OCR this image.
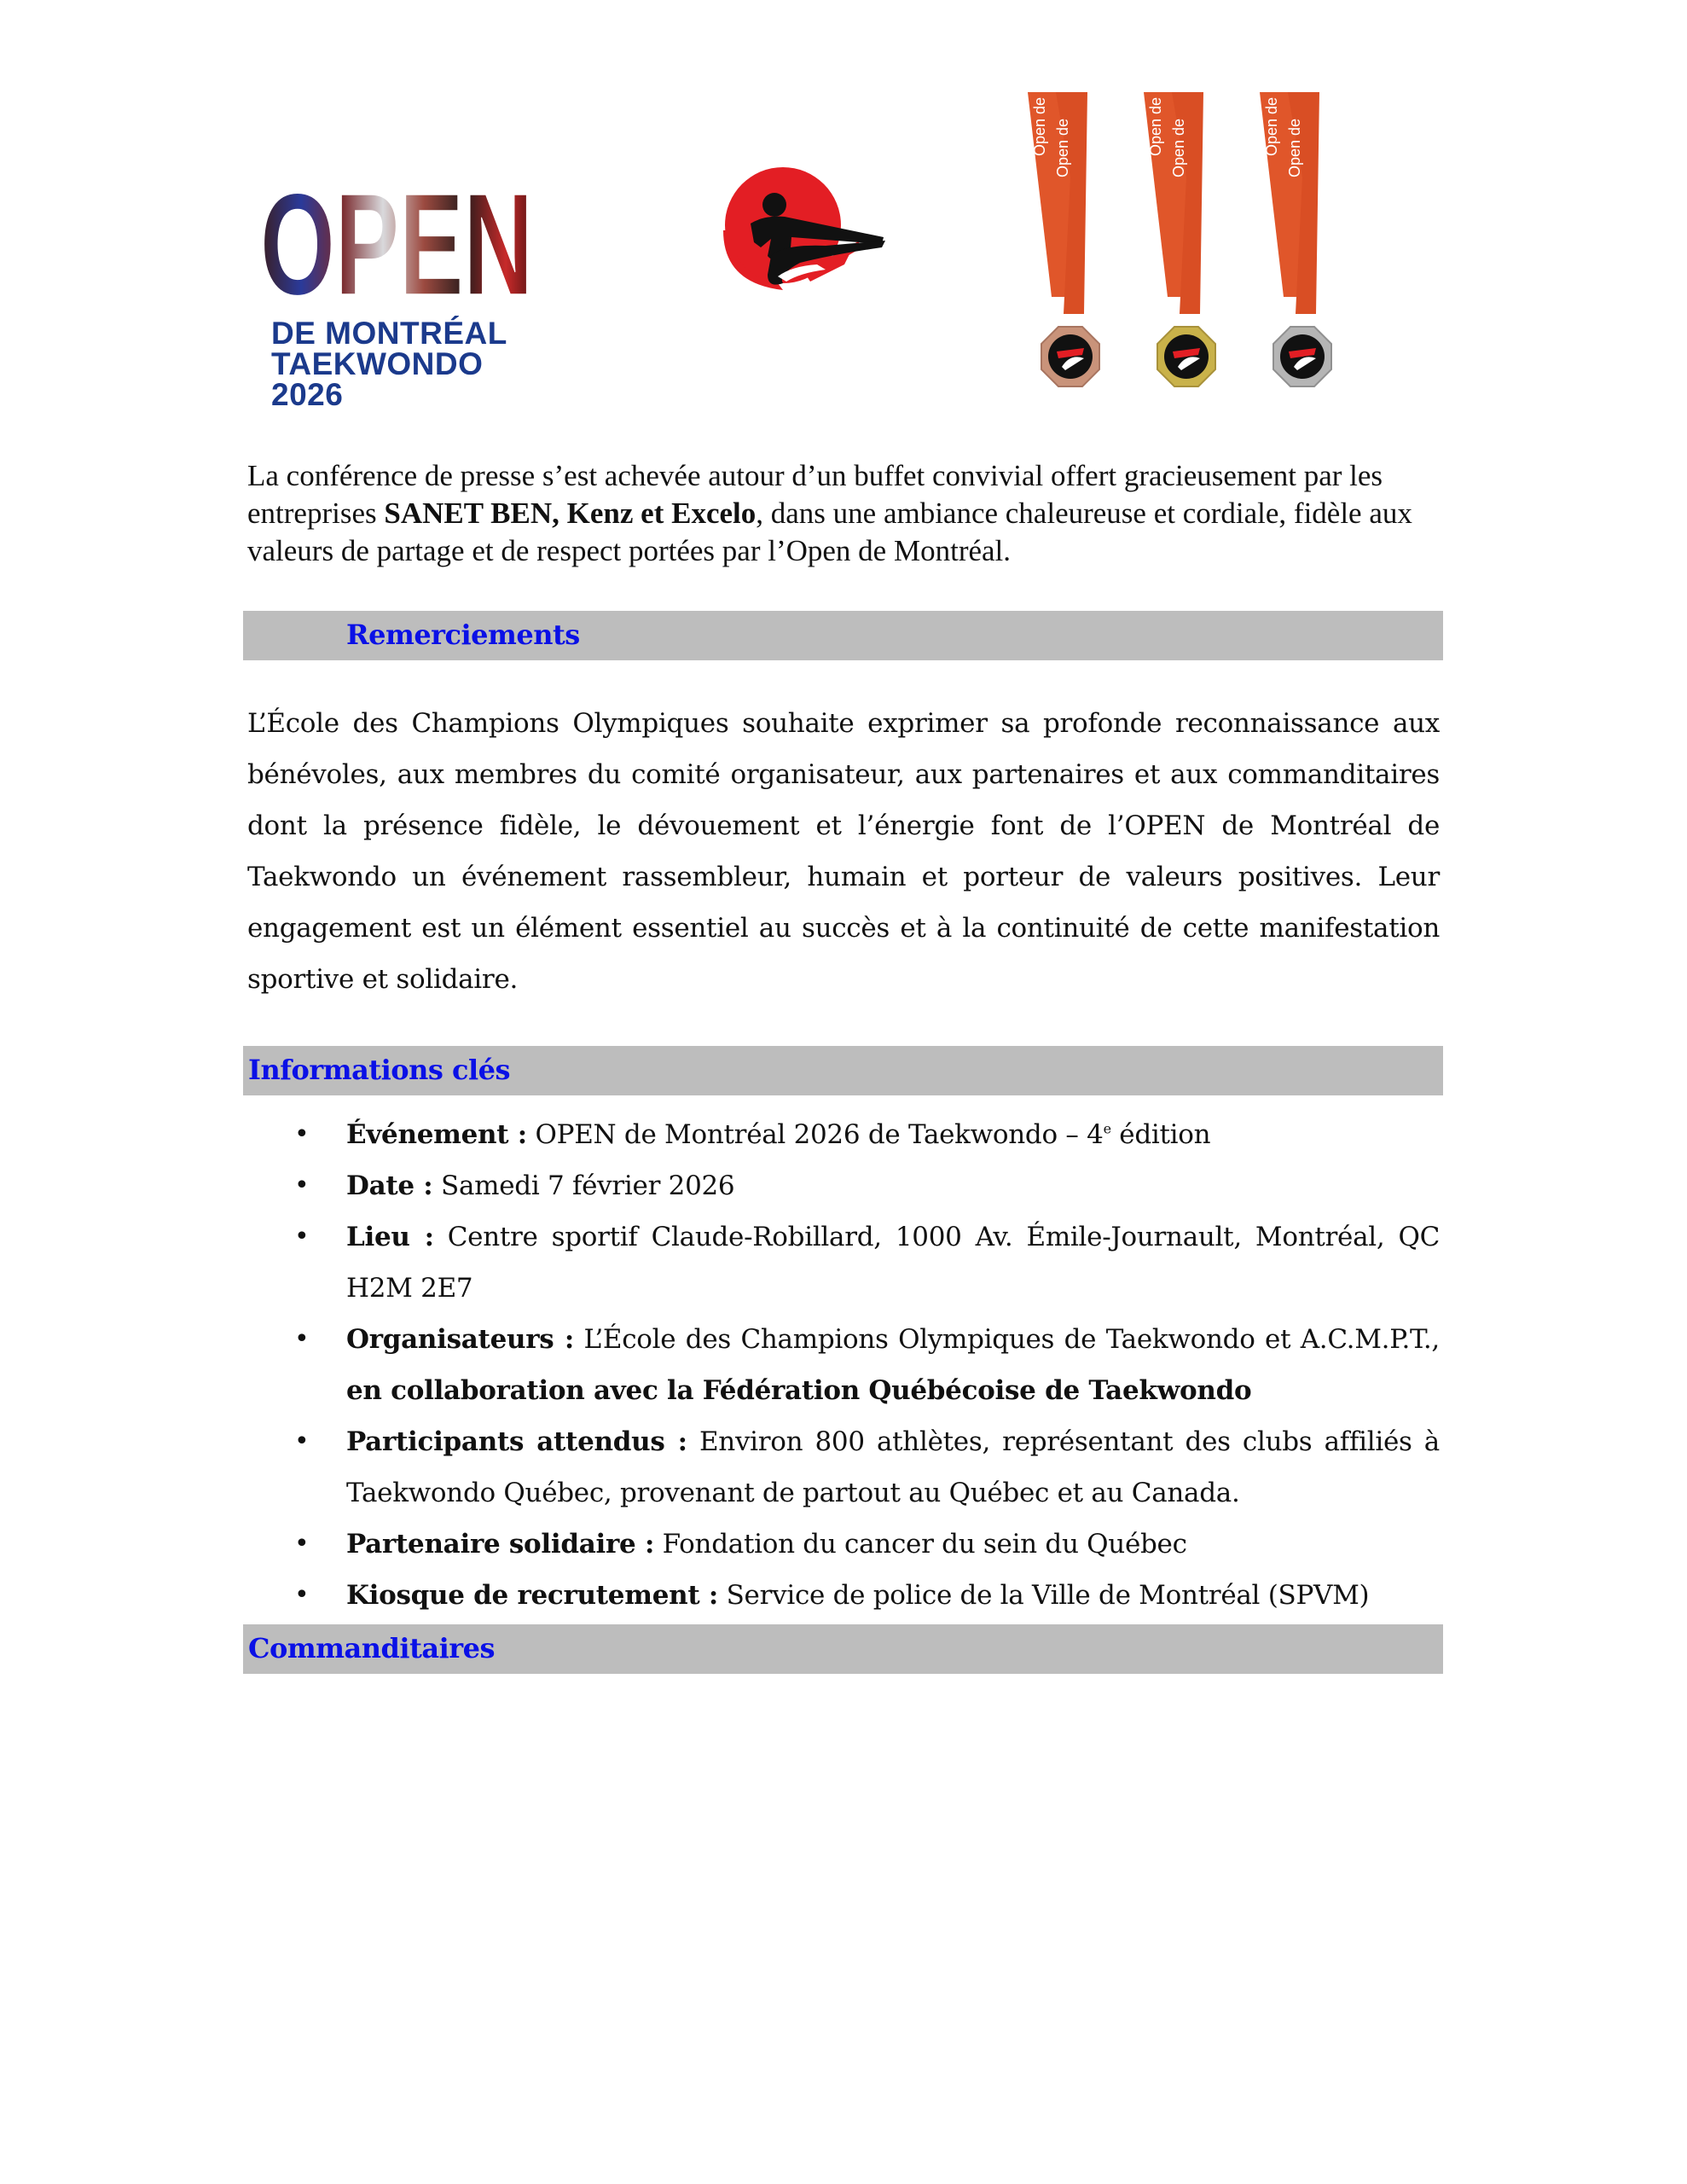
OPEN
DE MONTRÉAL
TAEKWONDO
2026
Open de Open de	Open de Open de	Open de Open de

La conférence de presse s’est achevée autour d’un buffet convivial offert gracieusement par les entreprises SANET BEN, Kenz et Excelo, dans une ambiance chaleureuse et cordiale, fidèle aux valeurs de partage et de respect portées par l’Open de Montréal.

Remerciements

L’École des Champions Olympiques souhaite exprimer sa profonde reconnaissance aux bénévoles, aux membres du comité organisateur, aux partenaires et aux commanditaires dont la présence fidèle, le dévouement et l’énergie font de l’OPEN de Montréal de Taekwondo un événement rassembleur, humain et porteur de valeurs positives. Leur engagement est un élément essentiel au succès et à la continuité de cette manifestation sportive et solidaire.

Informations clés
• Événement : OPEN de Montréal 2026 de Taekwondo – 4e édition
• Date : Samedi 7 février 2026
• Lieu : Centre sportif Claude-Robillard, 1000 Av. Émile-Journault, Montréal, QC H2M 2E7
• Organisateurs : L’École des Champions Olympiques de Taekwondo et A.C.M.P.T., en collaboration avec la Fédération Québécoise de Taekwondo
• Participants attendus : Environ 800 athlètes, représentant des clubs affiliés à Taekwondo Québec, provenant de partout au Québec et au Canada.
• Partenaire solidaire : Fondation du cancer du sein du Québec
• Kiosque de recrutement : Service de police de la Ville de Montréal (SPVM)
Commanditaires
